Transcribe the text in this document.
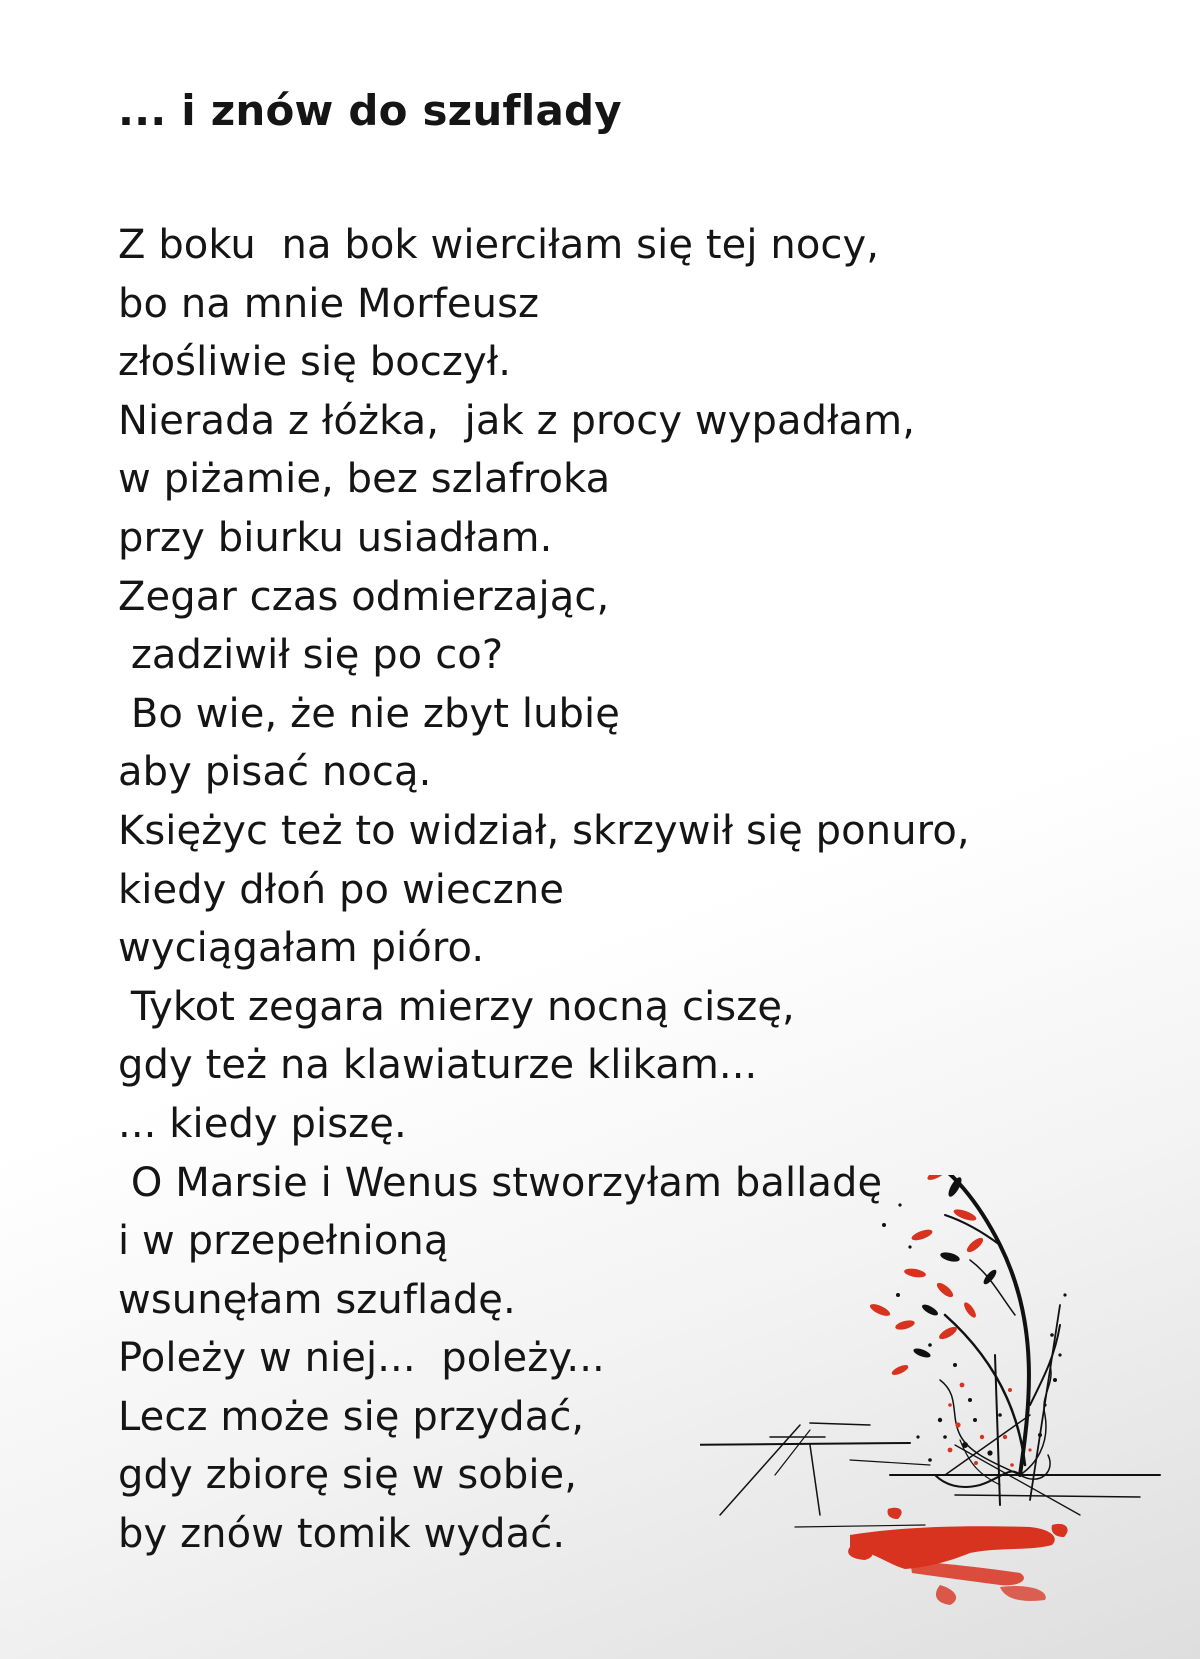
... i znów do szuflady
Z boku  na bok wierciłam się tej nocy,
bo na mnie Morfeusz
złośliwie się boczył.
Nierada z łóżka,  jak z procy wypadłam,
w piżamie, bez szlafroka
przy biurku usiadłam.
Zegar czas odmierzając,
zadziwił się po co?
Bo wie, że nie zbyt lubię
aby pisać nocą.
Księżyc też to widział, skrzywił się ponuro,
kiedy dłoń po wieczne
wyciągałam pióro.
Tykot zegara mierzy nocną ciszę,
gdy też na klawiaturze klikam...
... kiedy piszę.
O Marsie i Wenus stworzyłam balladę
i w przepełnioną
wsunęłam szufladę.
Poleży w niej...  poleży...
Lecz może się przydać,
gdy zbiorę się w sobie,
by znów tomik wydać.
